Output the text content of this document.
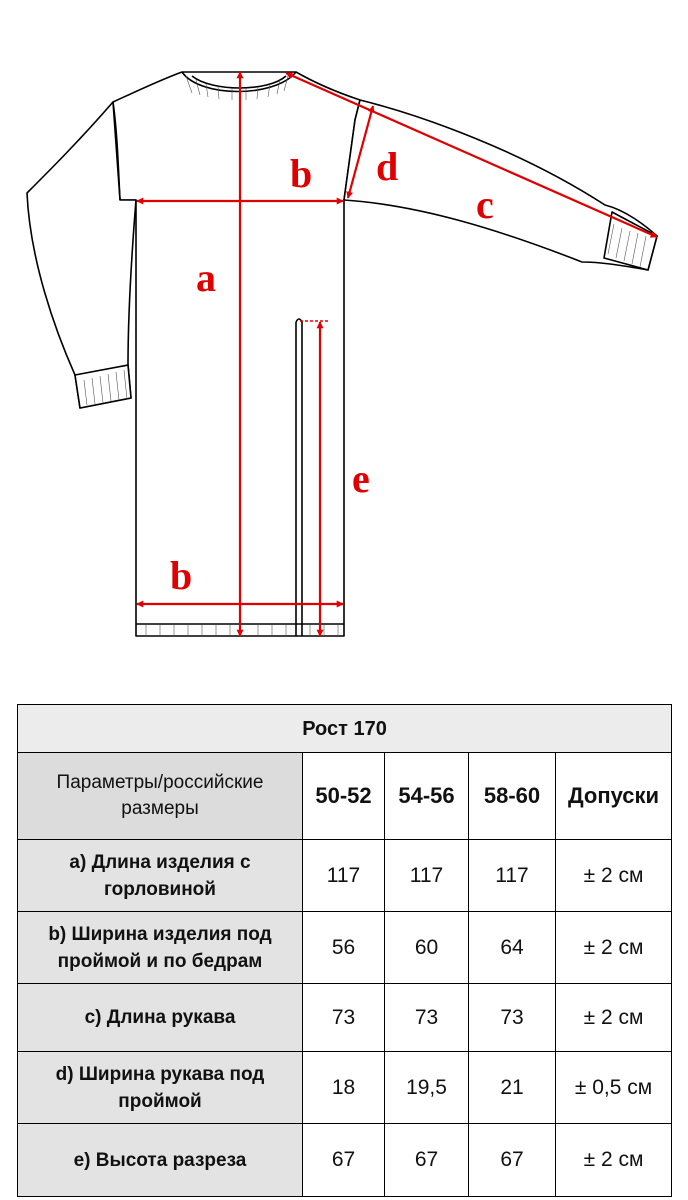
a
b
b
c
d
e
Рост 170				
Параметры/российские размеры	50-52	54-56	58-60	Допуски
а) Длина изделия с горловиной	117	117	117	± 2 см
b) Ширина изделия под проймой и по бедрам	56	60	64	± 2 см
с) Длина рукава	73	73	73	± 2 см
d) Ширина рукава под проймой	18	19,5	21	± 0,5 см
е) Высота разреза	67	67	67	± 2 см
